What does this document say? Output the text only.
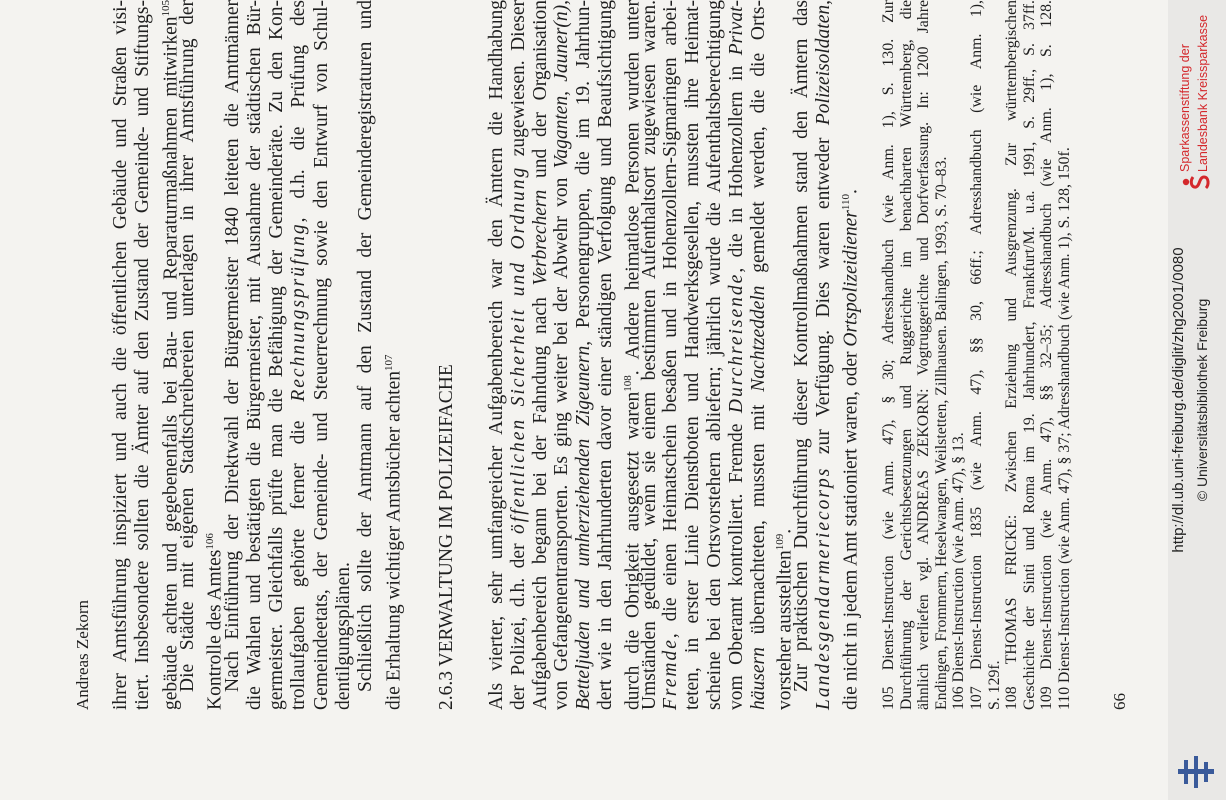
Andreas Zekorn ihrer Amtsführung inspiziert und auch die öffentlichen Gebäude und Straßen visi- tiert. Insbesondere sollten die Ämter auf den Zustand der Gemeinde- und Stiftungs- gebäude achten und gegebenenfalls bei Bau- und Reparaturmaßnahmen mitwirken$^{105}$ Die Städte mit eigenen Stadtschreibereien unterlagen in ihrer Amtsführung der Kontrolle des Amtes$^{106}$ Nach Einführung der Direktwahl der Bürgermeister 1840 leiteten die Amtmänner die Wahlen und bestätigten die Bürgermeister, mit Ausnahme der städtischen Bür- germeister. Gleichfalls prüfte man die Befähigung der Gemeinderäte. Zu den Kon- trollaufgaben gehörte ferner die Rechnungsprüfung, d.h. die Prüfung des Gemeindeetats, der Gemeinde- und Steuerrechnung sowie den Entwurf von Schul- dentilgungsplänen. Schließlich sollte der Amtmann auf den Zustand der Gemeinderegistraturen und die Erhaltung wichtiger Amtsbücher achten$^{107}$
2.6.3 VERWALTUNG IM POLIZEIFACHE Als vierter, sehr umfangreicher Aufgabenbereich war den Ämtern die Handhabung der Polizei, d.h. der öffentlichen Sicherheit und Ordnung zugewiesen. Dieser
Aufgabenbereich begann bei der Fahndung nach Verbrechern und der Organisation
von Gefangenentransporten. Es ging weiter bei der Abwehr von Vaganten, Jauner(n),
Betteljuden und umherziehenden Zigeunern, Personengruppen, die im 19. Jahrhun- dert wie in den Jahrhunderten davor einer ständigen Verfolgung und Beaufsichtigung durch die Obrigkeit ausgesetzt waren$^{108}$. Andere heimatlose Personen wurden unter
Umständen geduldet, wenn sie einem bestimmten Aufenthaltsort zugewiesen waren. Fremde, die einen Heimatschein besaßen und in Hohenzollern-Sigmaringen arbei- teten, in erster Linie Dienstboten und Handwerksgesellen, mussten ihre Heimat- scheine bei den Ortsvorstehern abliefern; jährlich wurde die Aufenthaltsberechtigung vom Oberamt kontrolliert. Fremde Durchreisende, die in Hohenzollern in Privat-
häusern übernachteten, mussten mit Nachtzeddeln gemeldet werden, die die Orts-
vorsteher ausstellten$^{109}$.
Zur praktischen Durchführung dieser Kontrollmaßnahmen stand den Ämtern das Landesgendarmeriecorps zur Verfügung. Dies waren entweder Polizeisoldaten,
die nicht in jedem Amt stationiert waren, oder Ortspolizeidiener$^{110}$. 105 Dienst-Instruction (wie Anm. 47), § 30; Adresshandbuch (wie Anm. 1), S. 130. Zur Durchführung der Gerichtsbesetzungen und Ruggerichte im benachbarten Württemberg, die ähnlich verliefen vgl. ANDREAS ZEKORN: Vogtruggerichte und Dorfverfassung. In: 1200 Jahre Endingen, Frommern, Heselwangen, Weilstetten, Zillhausen. Balingen, 1993, S. 70–83. 106 Dienst-Instruction (wie Anm. 47), § 13. 107 Dienst-Instruction 1835 (wie Anm. 47), §§ 30, 66ff.; Adresshandbuch (wie Anm. 1), S. 129f. 108 THOMAS FRICKE: Zwischen Erziehung und Ausgrenzung. Zur württembergischen Geschichte der Sinti und Roma im 19. Jahrhundert, Frankfurt/M. u.a. 1991, S. 29ff., S. 37ff. 109 Dienst-Instruction (wie Anm. 47), §§ 32–35; Adresshandbuch (wie Anm. 1), S. 128. 110 Dienst-Instruction (wie Anm. 47), § 37; Adresshandbuch (wie Anm. 1), S. 128, 150f. 66
http://dl.ub.uni-freiburg.de/diglit/zhg2001/0080 © Universitätsbibliothek Freiburg
Sparkassenstiftung der Landesbank Kreissparkasse
